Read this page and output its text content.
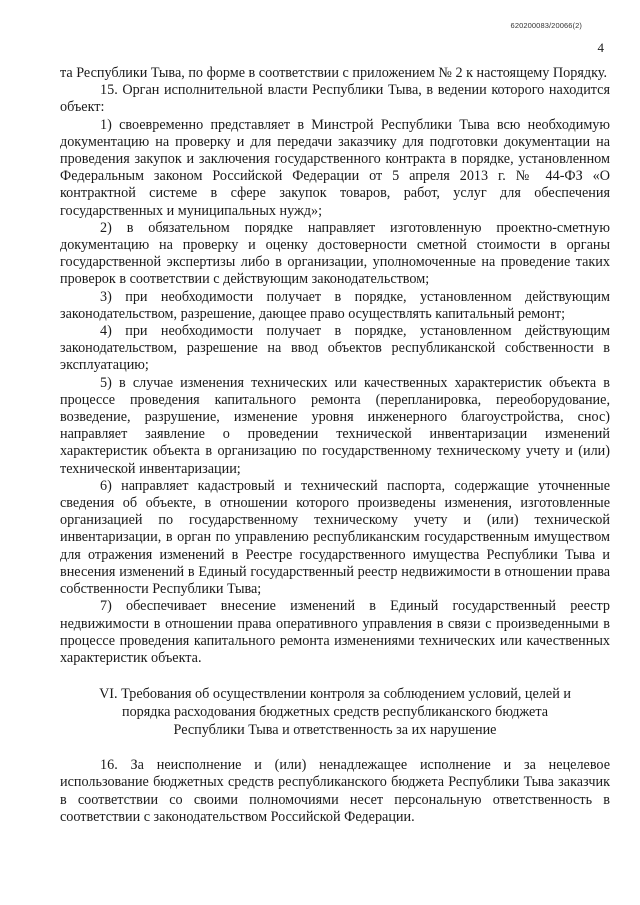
620200083/20066(2)
4

та Республики Тыва, по форме в соответствии с приложением № 2 к настоящему Порядку.

15. Орган исполнительной власти Республики Тыва, в ведении которого находится объект:

1) своевременно представляет в Минстрой Республики Тыва всю необходимую документацию на проверку и для передачи заказчику для подготовки документации на проведения закупок и заключения государственного контракта в порядке, установленном Федеральным законом Российской Федерации от 5 апреля 2013 г. № 44-ФЗ «О контрактной системе в сфере закупок товаров, работ, услуг для обеспечения государственных и муниципальных нужд»;

2) в обязательном порядке направляет изготовленную проектно-сметную документацию на проверку и оценку достоверности сметной стоимости в органы государственной экспертизы либо в организации, уполномоченные на проведение таких проверок в соответствии с действующим законодательством;

3) при необходимости получает в порядке, установленном действующим законодательством, разрешение, дающее право осуществлять капитальный ремонт;

4) при необходимости получает в порядке, установленном действующим законодательством, разрешение на ввод объектов республиканской собственности в эксплуатацию;

5) в случае изменения технических или качественных характеристик объекта в процессе проведения капитального ремонта (перепланировка, переоборудование, возведение, разрушение, изменение уровня инженерного благоустройства, снос) направляет заявление о проведении технической инвентаризации изменений характеристик объекта в организацию по государственному техническому учету и (или) технической инвентаризации;

6) направляет кадастровый и технический паспорта, содержащие уточненные сведения об объекте, в отношении которого произведены изменения, изготовленные организацией по государственному техническому учету и (или) технической инвентаризации, в орган по управлению республиканским государственным имуществом для отражения изменений в Реестре государственного имущества Республики Тыва и внесения изменений в Единый государственный реестр недвижимости в отношении права собственности Республики Тыва;

7) обеспечивает внесение изменений в Единый государственный реестр недвижимости в отношении права оперативного управления в связи с произведенными в процессе проведения капитального ремонта изменениями технических или качественных характеристик объекта.

VI. Требования об осуществлении контроля за соблюдением условий, целей и
порядка расходования бюджетных средств республиканского бюджета
Республики Тыва и ответственность за их нарушение

16. За неисполнение и (или) ненадлежащее исполнение и за нецелевое использование бюджетных средств республиканского бюджета Республики Тыва заказчик в соответствии со своими полномочиями несет персональную ответственность в соответствии с законодательством Российской Федерации.
